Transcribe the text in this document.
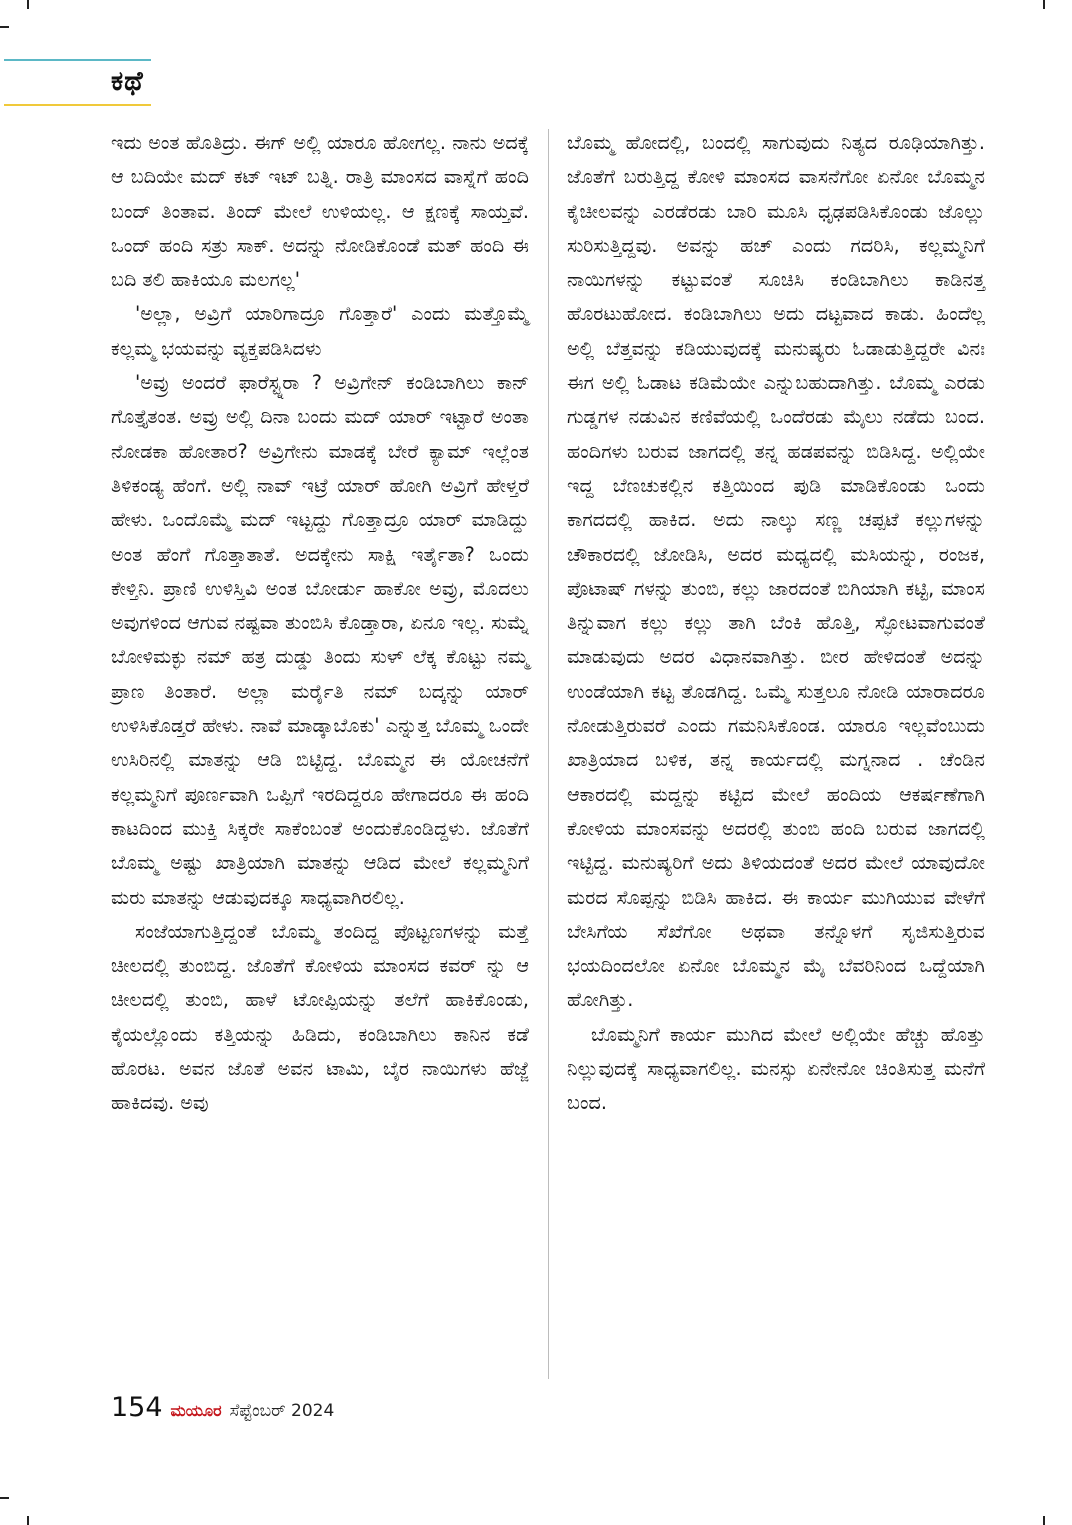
ಕಥೆ

ಇದು ಅಂತ ಹೊತಿದ್ರು. ಈಗ್ ಅಲ್ಲಿ ಯಾರೂ ಹೋಗಲ್ಲ. ನಾನು ಅದಕ್ಕೆ ಆ ಬದಿಯೇ ಮದ್ ಕಟ್ ಇಟ್ ಬತ್ನಿ. ರಾತ್ರಿ ಮಾಂಸದ ವಾಸ್ನೆಗೆ ಹಂದಿ ಬಂದ್ ತಿಂತಾವ. ತಿಂದ್ ಮೇಲೆ ಉಳಿಯಲ್ಲ. ಆ ಕ್ಷಣಕ್ಕೆ ಸಾಯ್ತವೆ. ಒಂದ್ ಹಂದಿ ಸತ್ರು ಸಾಕ್. ಅದನ್ನು ನೋಡಿಕೊಂಡೆ ಮತ್ ಹಂದಿ ಈ ಬದಿ ತಲಿ ಹಾಕಿಯೂ ಮಲಗಲ್ಲ'

'ಅಲ್ಲಾ, ಅವ್ರಿಗೆ ಯಾರಿಗಾದ್ರೂ ಗೊತ್ತಾರೆ' ಎಂದು ಮತ್ತೊಮ್ಮೆ ಕಲ್ಲಮ್ಮ ಭಯವನ್ನು ವ್ಯಕ್ತಪಡಿಸಿದಳು

'ಅವ್ರು ಅಂದರೆ ಫಾರೆಸ್ಟ್ನರಾ ? ಅವ್ರಿಗೇನ್ ಕಂಡಿಬಾಗಿಲು ಕಾನ್ ಗೊತ್ತೈತಂತ. ಅವ್ರು ಅಲ್ಲಿ ದಿನಾ ಬಂದು ಮದ್ ಯಾರ್ ಇಟ್ಟಾರೆ ಅಂತಾ ನೋಡಕಾ ಹೋತಾರ? ಅವ್ರಿಗೇನು ಮಾಡಕ್ಕೆ ಬೇರೆ ಕ್ಯಾಮ್ ಇಲ್ಲೆಂತ ತಿಳಿಕಂಡ್ಯ ಹೆಂಗೆ. ಅಲ್ಲಿ ನಾವ್ ಇಟ್ರೆ ಯಾರ್ ಹೋಗಿ ಅವ್ರಿಗೆ ಹೇಳ್ತರೆ ಹೇಳು. ಒಂದೊಮ್ಮೆ ಮದ್ ಇಟ್ಟದ್ದು ಗೊತ್ತಾದ್ರೂ ಯಾರ್ ಮಾಡಿದ್ದು ಅಂತ ಹೆಂಗೆ ಗೊತ್ತಾತಾತೆ. ಅದಕ್ಕೇನು ಸಾಕ್ಷಿ ಇರ್ತೈತಾ? ಒಂದು ಕೇಳ್ತಿನಿ. ಪ್ರಾಣಿ ಉಳಿಸ್ತಿವಿ ಅಂತ ಬೋರ್ಡು ಹಾಕೋ ಅವ್ರು, ಮೊದಲು ಅವುಗಳಿಂದ ಆಗುವ ನಷ್ಟವಾ ತುಂಬಿಸಿ ಕೊಡ್ತಾರಾ, ಏನೂ ಇಲ್ಲ. ಸುಮ್ನೆ ಬೋಳಿಮಕ್ಳು ನಮ್ ಹತ್ರ ದುಡ್ಡು ತಿಂದು ಸುಳ್ ಲೆಕ್ಕ ಕೊಟ್ಟು ನಮ್ಮ ಪ್ರಾಣ ತಿಂತಾರೆ. ಅಲ್ಲಾ ಮರ್ರೈತಿ ನಮ್ ಬದ್ಕನ್ನು ಯಾರ್ ಉಳಿಸಿಕೊಡ್ತರೆ ಹೇಳು. ನಾವೆ ಮಾಡ್ಕಾಬೊಕು' ಎನ್ನುತ್ತ ಬೊಮ್ಮ ಒಂದೇ ಉಸಿರಿನಲ್ಲಿ ಮಾತನ್ನು ಆಡಿ ಬಿಟ್ಟಿದ್ದ. ಬೊಮ್ಮನ ಈ ಯೋಚನೆಗೆ ಕಲ್ಲಮ್ಮನಿಗೆ ಪೂರ್ಣವಾಗಿ ಒಪ್ಪಿಗೆ ಇರದಿದ್ದರೂ ಹೇಗಾದರೂ ಈ ಹಂದಿ ಕಾಟದಿಂದ ಮುಕ್ತಿ ಸಿಕ್ಕರೇ ಸಾಕೆಂಬಂತೆ ಅಂದುಕೊಂಡಿದ್ದಳು. ಜೊತೆಗೆ ಬೊಮ್ಮ ಅಷ್ಟು ಖಾತ್ರಿಯಾಗಿ ಮಾತನ್ನು ಆಡಿದ ಮೇಲೆ ಕಲ್ಲಮ್ಮನಿಗೆ ಮರು ಮಾತನ್ನು ಆಡುವುದಕ್ಕೂ ಸಾಧ್ಯವಾಗಿರಲಿಲ್ಲ.

ಸಂಜೆಯಾಗುತ್ತಿದ್ದಂತೆ ಬೊಮ್ಮ ತಂದಿದ್ದ ಪೊಟ್ಟಣಗಳನ್ನು ಮತ್ತೆ ಚೀಲದಲ್ಲಿ ತುಂಬಿದ್ದ. ಜೊತೆಗೆ ಕೋಳಿಯ ಮಾಂಸದ ಕವರ್ ನ್ನು ಆ ಚೀಲದಲ್ಲಿ ತುಂಬಿ, ಹಾಳೆ ಟೋಪ್ಪಿಯನ್ನು ತಲೆಗೆ ಹಾಕಿಕೊಂಡು, ಕೈಯಲ್ಲೊಂದು ಕತ್ತಿಯನ್ನು ಹಿಡಿದು, ಕಂಡಿಬಾಗಿಲು ಕಾನಿನ ಕಡೆ ಹೊರಟ. ಅವನ ಜೊತೆ ಅವನ ಟಾಮಿ, ಬೈರ ನಾಯಿಗಳು ಹೆಜ್ಜೆ ಹಾಕಿದವು. ಅವು

ಬೊಮ್ಮ ಹೋದಲ್ಲಿ, ಬಂದಲ್ಲಿ ಸಾಗುವುದು ನಿತ್ಯದ ರೂಢಿಯಾಗಿತ್ತು. ಜೊತೆಗೆ ಬರುತ್ತಿದ್ದ ಕೋಳಿ ಮಾಂಸದ ವಾಸನೆಗೋ ಏನೋ ಬೊಮ್ಮನ ಕೈಚೀಲವನ್ನು ಎರಡೆರಡು ಬಾರಿ ಮೂಸಿ ಧೃಢಪಡಿಸಿಕೊಂಡು ಜೊಲ್ಲು ಸುರಿಸುತ್ತಿದ್ದವು. ಅವನ್ನು ಹಚ್ ಎಂದು ಗದರಿಸಿ, ಕಲ್ಲಮ್ಮನಿಗೆ ನಾಯಿಗಳನ್ನು ಕಟ್ಟುವಂತೆ ಸೂಚಿಸಿ ಕಂಡಿಬಾಗಿಲು ಕಾಡಿನತ್ತ ಹೊರಟುಹೋದ. ಕಂಡಿಬಾಗಿಲು ಅದು ದಟ್ಟವಾದ ಕಾಡು. ಹಿಂದೆಲ್ಲ ಅಲ್ಲಿ ಬೆತ್ತವನ್ನು ಕಡಿಯುವುದಕ್ಕೆ ಮನುಷ್ಯರು ಓಡಾಡುತ್ತಿದ್ದರೇ ವಿನಃ ಈಗ ಅಲ್ಲಿ ಓಡಾಟ ಕಡಿಮೆಯೇ ಎನ್ನುಬಹುದಾಗಿತ್ತು. ಬೊಮ್ಮ ಎರಡು ಗುಡ್ಡಗಳ ನಡುವಿನ ಕಣಿವೆಯಲ್ಲಿ ಒಂದೆರಡು ಮೈಲು ನಡೆದು ಬಂದ. ಹಂದಿಗಳು ಬರುವ ಜಾಗದಲ್ಲಿ ತನ್ನ ಹಡಪವನ್ನು ಬಿಡಿಸಿದ್ದ. ಅಲ್ಲಿಯೇ ಇದ್ದ ಬೆಣಚುಕಲ್ಲಿನ ಕತ್ತಿಯಿಂದ ಪುಡಿ ಮಾಡಿಕೊಂಡು ಒಂದು ಕಾಗದದಲ್ಲಿ ಹಾಕಿದ. ಅದು ನಾಲ್ಕು ಸಣ್ಣ ಚಪ್ಪಟೆ ಕಲ್ಲುಗಳನ್ನು ಚೌಕಾರದಲ್ಲಿ ಜೋಡಿಸಿ, ಅದರ ಮಧ್ಯದಲ್ಲಿ ಮಸಿಯನ್ನು, ರಂಜಕ, ಪೊಟಾಷ್ ಗಳನ್ನು ತುಂಬಿ, ಕಲ್ಲು ಜಾರದಂತೆ ಬಿಗಿಯಾಗಿ ಕಟ್ಟಿ, ಮಾಂಸ ತಿನ್ನುವಾಗ ಕಲ್ಲು ಕಲ್ಲು ತಾಗಿ ಬೆಂಕಿ ಹೊತ್ತಿ, ಸ್ಫೋಟವಾಗುವಂತೆ ಮಾಡುವುದು ಅದರ ವಿಧಾನವಾಗಿತ್ತು. ಬೀರ ಹೇಳಿದಂತೆ ಅದನ್ನು ಉಂಡೆಯಾಗಿ ಕಟ್ಟ ತೊಡಗಿದ್ದ. ಒಮ್ಮೆ ಸುತ್ತಲೂ ನೋಡಿ ಯಾರಾದರೂ ನೋಡುತ್ತಿರುವರೆ ಎಂದು ಗಮನಿಸಿಕೊಂಡ. ಯಾರೂ ಇಲ್ಲವೆಂಬುದು ಖಾತ್ರಿಯಾದ ಬಳಿಕ, ತನ್ನ ಕಾರ್ಯದಲ್ಲಿ ಮಗ್ನನಾದ . ಚೆಂಡಿನ ಆಕಾರದಲ್ಲಿ ಮದ್ದನ್ನು ಕಟ್ಟಿದ ಮೇಲೆ ಹಂದಿಯ ಆಕರ್ಷಣೆಗಾಗಿ ಕೋಳಿಯ ಮಾಂಸವನ್ನು ಅದರಲ್ಲಿ ತುಂಬಿ ಹಂದಿ ಬರುವ ಜಾಗದಲ್ಲಿ ಇಟ್ಟಿದ್ದ. ಮನುಷ್ಯರಿಗೆ ಅದು ತಿಳಿಯದಂತೆ ಅದರ ಮೇಲೆ ಯಾವುದೋ ಮರದ ಸೊಪ್ಪನ್ನು ಬಿಡಿಸಿ ಹಾಕಿದ. ಈ ಕಾರ್ಯ ಮುಗಿಯುವ ವೇಳೆಗೆ ಬೇಸಿಗೆಯ ಸೆಖೆಗೋ ಅಥವಾ ತನ್ನೊಳಗೆ ಸೃಜಿಸುತ್ತಿರುವ ಭಯದಿಂದಲೋ ಏನೋ ಬೊಮ್ಮನ ಮೈ ಬೆವರಿನಿಂದ ಒದ್ದೆಯಾಗಿ ಹೋಗಿತ್ತು.

ಬೊಮ್ಮನಿಗೆ ಕಾರ್ಯ ಮುಗಿದ ಮೇಲೆ ಅಲ್ಲಿಯೇ ಹೆಚ್ಚು ಹೊತ್ತು ನಿಲ್ಲುವುದಕ್ಕೆ ಸಾಧ್ಯವಾಗಲಿಲ್ಲ. ಮನಸ್ಸು ಏನೇನೋ ಚಿಂತಿಸುತ್ತ ಮನೆಗೆ ಬಂದ.

154 ಮಯೂರ ಸೆಪ್ಟೆಂಬರ್ 2024
